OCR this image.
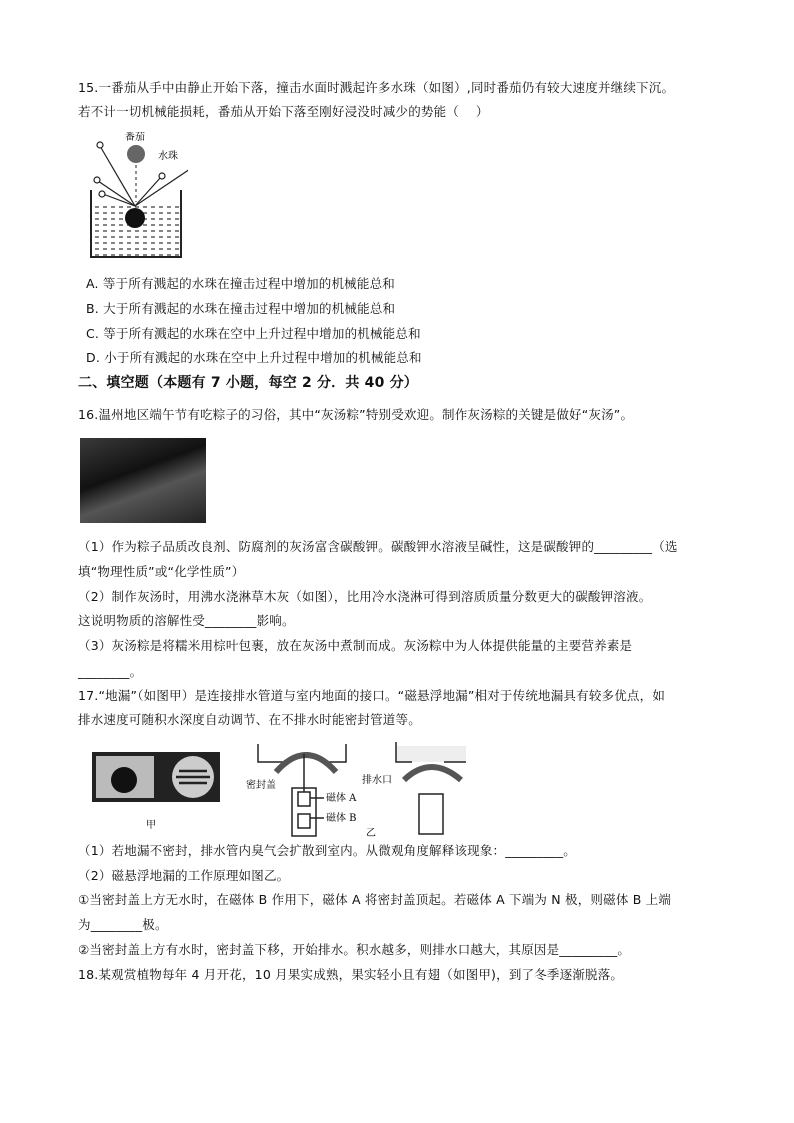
15.一番茄从手中由静止开始下落，撞击水面时溅起许多水珠（如图）,同时番茄仍有较大速度并继续下沉。
若不计一切机械能损耗，番茄从开始下落至刚好浸没时减少的势能（　 ）
番茄
水珠
A. 等于所有溅起的水珠在撞击过程中增加的机械能总和
B. 大于所有溅起的水珠在撞击过程中增加的机械能总和
C. 等于所有溅起的水珠在空中上升过程中增加的机械能总和
D. 小于所有溅起的水珠在空中上升过程中增加的机械能总和
二、填空题（本题有 7 小题，每空 2 分．共 40 分）
16.温州地区端午节有吃粽子的习俗，其中“灰汤粽”特别受欢迎。制作灰汤粽的关键是做好“灰汤”。
（1）作为粽子品质改良剂、防腐剂的灰汤富含碳酸钾。碳酸钾水溶液呈碱性，这是碳酸钾的_________（选
填“物理性质”或“化学性质”）
（2）制作灰汤时，用沸水浇淋草木灰（如图），比用冷水浇淋可得到溶质质量分数更大的碳酸钾溶液。
这说明物质的溶解性受________影响。
（3）灰汤粽是将糯米用棕叶包裹，放在灰汤中煮制而成。灰汤粽中为人体提供能量的主要营养素是
________。
17.“地漏”（如图甲）是连接排水管道与室内地面的接口。“磁悬浮地漏”相对于传统地漏具有较多优点，如
排水速度可随积水深度自动调节、在不排水时能密封管道等。
甲
密封盖
磁体 A
磁体 B
乙
排水口
（1）若地漏不密封，排水管内臭气会扩散到室内。从微观角度解释该现象：_________。
（2）磁悬浮地漏的工作原理如图乙。
①当密封盖上方无水时，在磁体 B 作用下，磁体 A 将密封盖顶起。若磁体 A 下端为 N 极，则磁体 B 上端
为________极。
②当密封盖上方有水时，密封盖下移，开始排水。积水越多，则排水口越大，其原因是_________。
18.某观赏植物每年 4 月开花，10 月果实成熟，果实轻小且有翅（如图甲)，到了冬季逐渐脱落。
